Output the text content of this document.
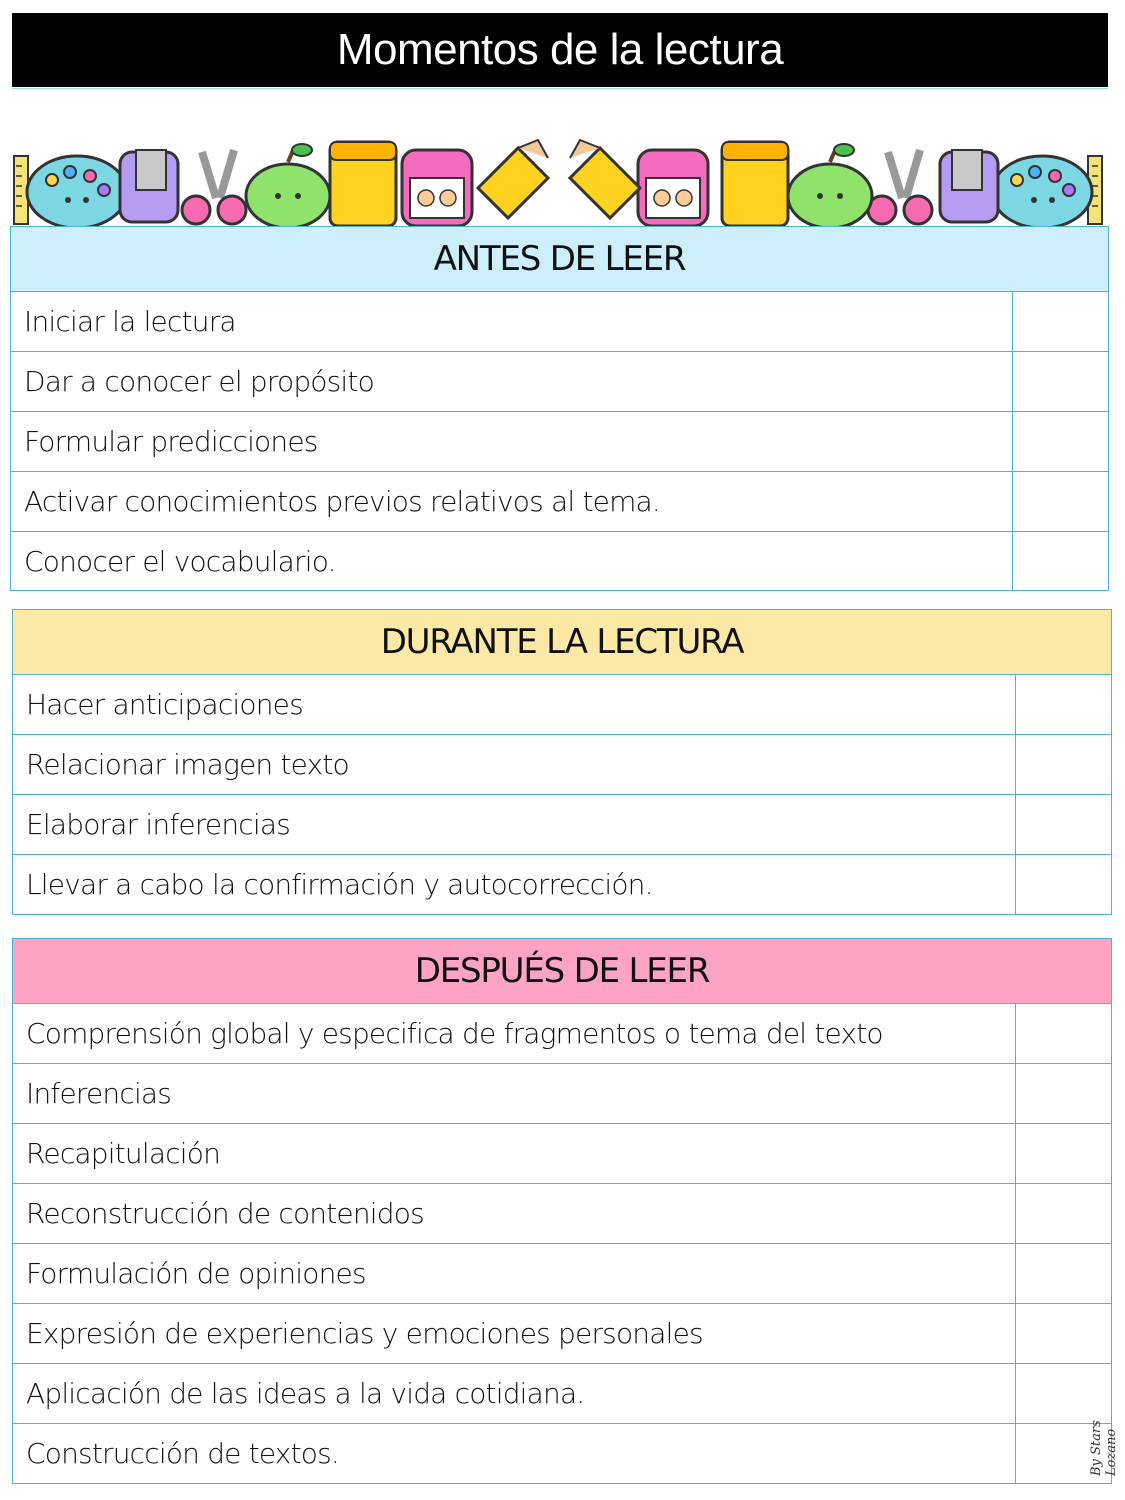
Momentos de la lectura
ANTES DE LEER
Iniciar la lectura
Dar a conocer el propósito
Formular predicciones
Activar conocimientos previos relativos al tema.
Conocer el vocabulario.
DURANTE LA LECTURA
Hacer anticipaciones
Relacionar imagen texto
Elaborar inferencias
Llevar a cabo la confirmación y autocorrección.
DESPUÉS DE LEER
Comprensión global y especifica de fragmentos o tema del texto
Inferencias
Recapitulación
Reconstrucción de contenidos
Formulación de opiniones
Expresión de experiencias y emociones personales
Aplicación de las ideas a la vida cotidiana.
Construcción de textos.	By Stars Lozano
